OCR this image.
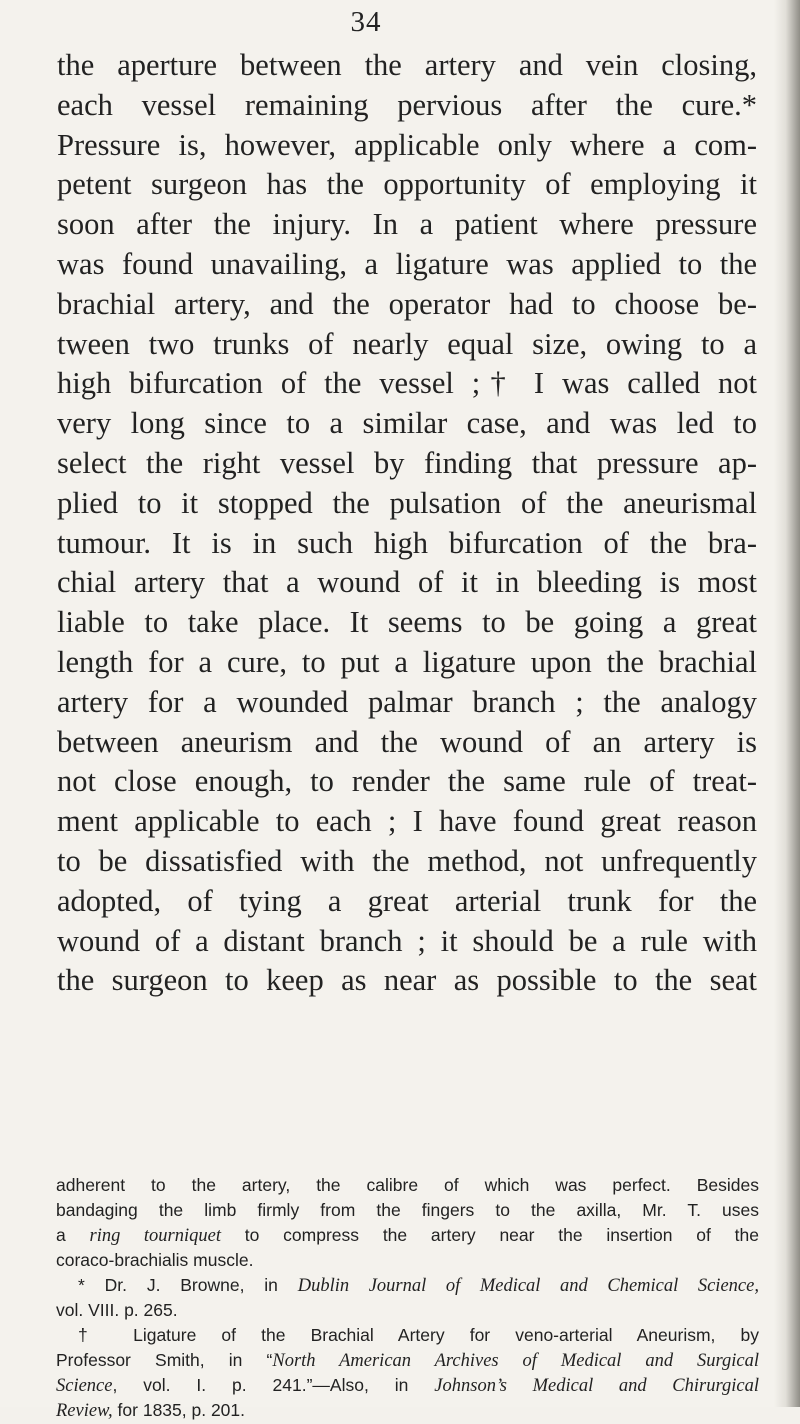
34
the aperture between the artery and vein closing,
each vessel remaining pervious after the cure.*
Pressure is, however, applicable only where a com-
petent surgeon has the opportunity of employing it
soon after the injury. In a patient where pressure
was found unavailing, a ligature was applied to the
brachial artery, and the operator had to choose be-
tween two trunks of nearly equal size, owing to a
high bifurcation of the vessel ;† I was called not
very long since to a similar case, and was led to
select the right vessel by finding that pressure ap-
plied to it stopped the pulsation of the aneurismal
tumour. It is in such high bifurcation of the bra-
chial artery that a wound of it in bleeding is most
liable to take place. It seems to be going a great
length for a cure, to put a ligature upon the brachial
artery for a wounded palmar branch ; the analogy
between aneurism and the wound of an artery is
not close enough, to render the same rule of treat-
ment applicable to each ; I have found great reason
to be dissatisfied with the method, not unfrequently
adopted, of tying a great arterial trunk for the
wound of a distant branch ; it should be a rule with
the surgeon to keep as near as possible to the seat
adherent to the artery, the calibre of which was perfect. Besides
bandaging the limb firmly from the fingers to the axilla, Mr. T. uses
a ring tourniquet to compress the artery near the insertion of the
coraco-brachialis muscle.
* Dr. J. Browne, in Dublin Journal of Medical and Chemical Science,
vol. VIII. p. 265.
† Ligature of the Brachial Artery for veno-arterial Aneurism, by
Professor Smith, in “North American Archives of Medical and Surgical
Science, vol. I. p. 241.”—Also, in Johnson’s Medical and Chirurgical
Review, for 1835, p. 201.
